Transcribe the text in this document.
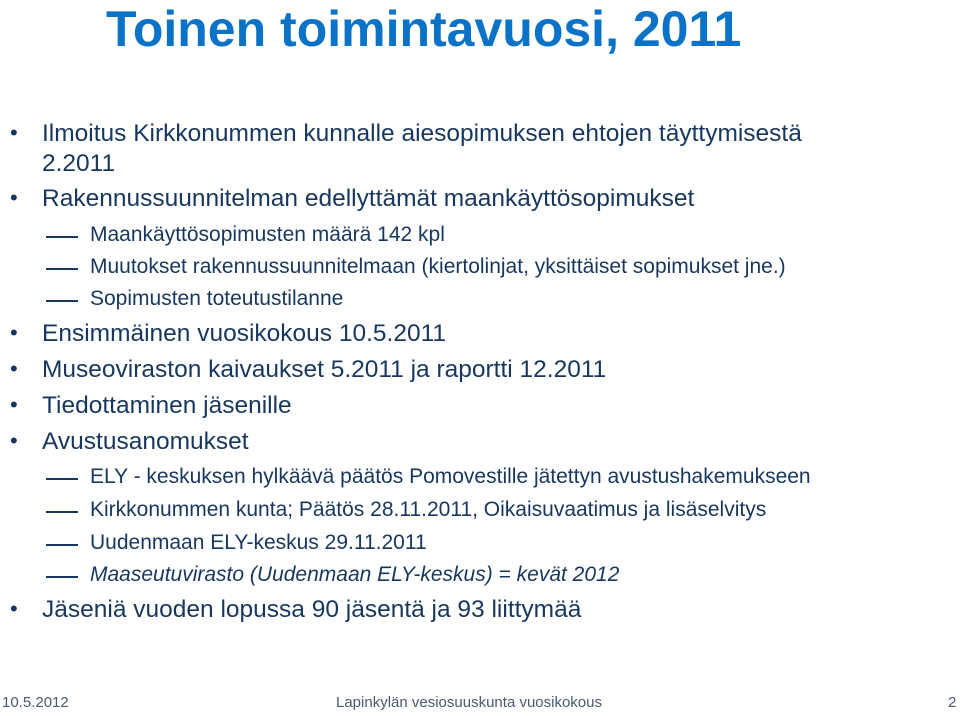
Toinen toimintavuosi, 2011
• Ilmoitus Kirkkonummen kunnalle aiesopimuksen ehtojen täyttymisestä
2.2011
• Rakennussuunnitelman edellyttämät maankäyttösopimukset
Maankäyttösopimusten määrä 142 kpl
Muutokset rakennussuunnitelmaan (kiertolinjat, yksittäiset sopimukset jne.)
Sopimusten toteutustilanne
• Ensimmäinen vuosikokous 10.5.2011
• Museoviraston kaivaukset 5.2011 ja raportti 12.2011
• Tiedottaminen jäsenille
• Avustusanomukset
ELY - keskuksen hylkäävä päätös Pomovestille jätettyn avustushakemukseen
Kirkkonummen kunta; Päätös 28.11.2011, Oikaisuvaatimus ja lisäselvitys
Uudenmaan ELY-keskus 29.11.2011
Maaseutuvirasto (Uudenmaan ELY-keskus) = kevät 2012
• Jäseniä vuoden lopussa 90 jäsentä ja 93 liittymää
10.5.2012	Lapinkylän vesiosuuskunta vuosikokous	2
